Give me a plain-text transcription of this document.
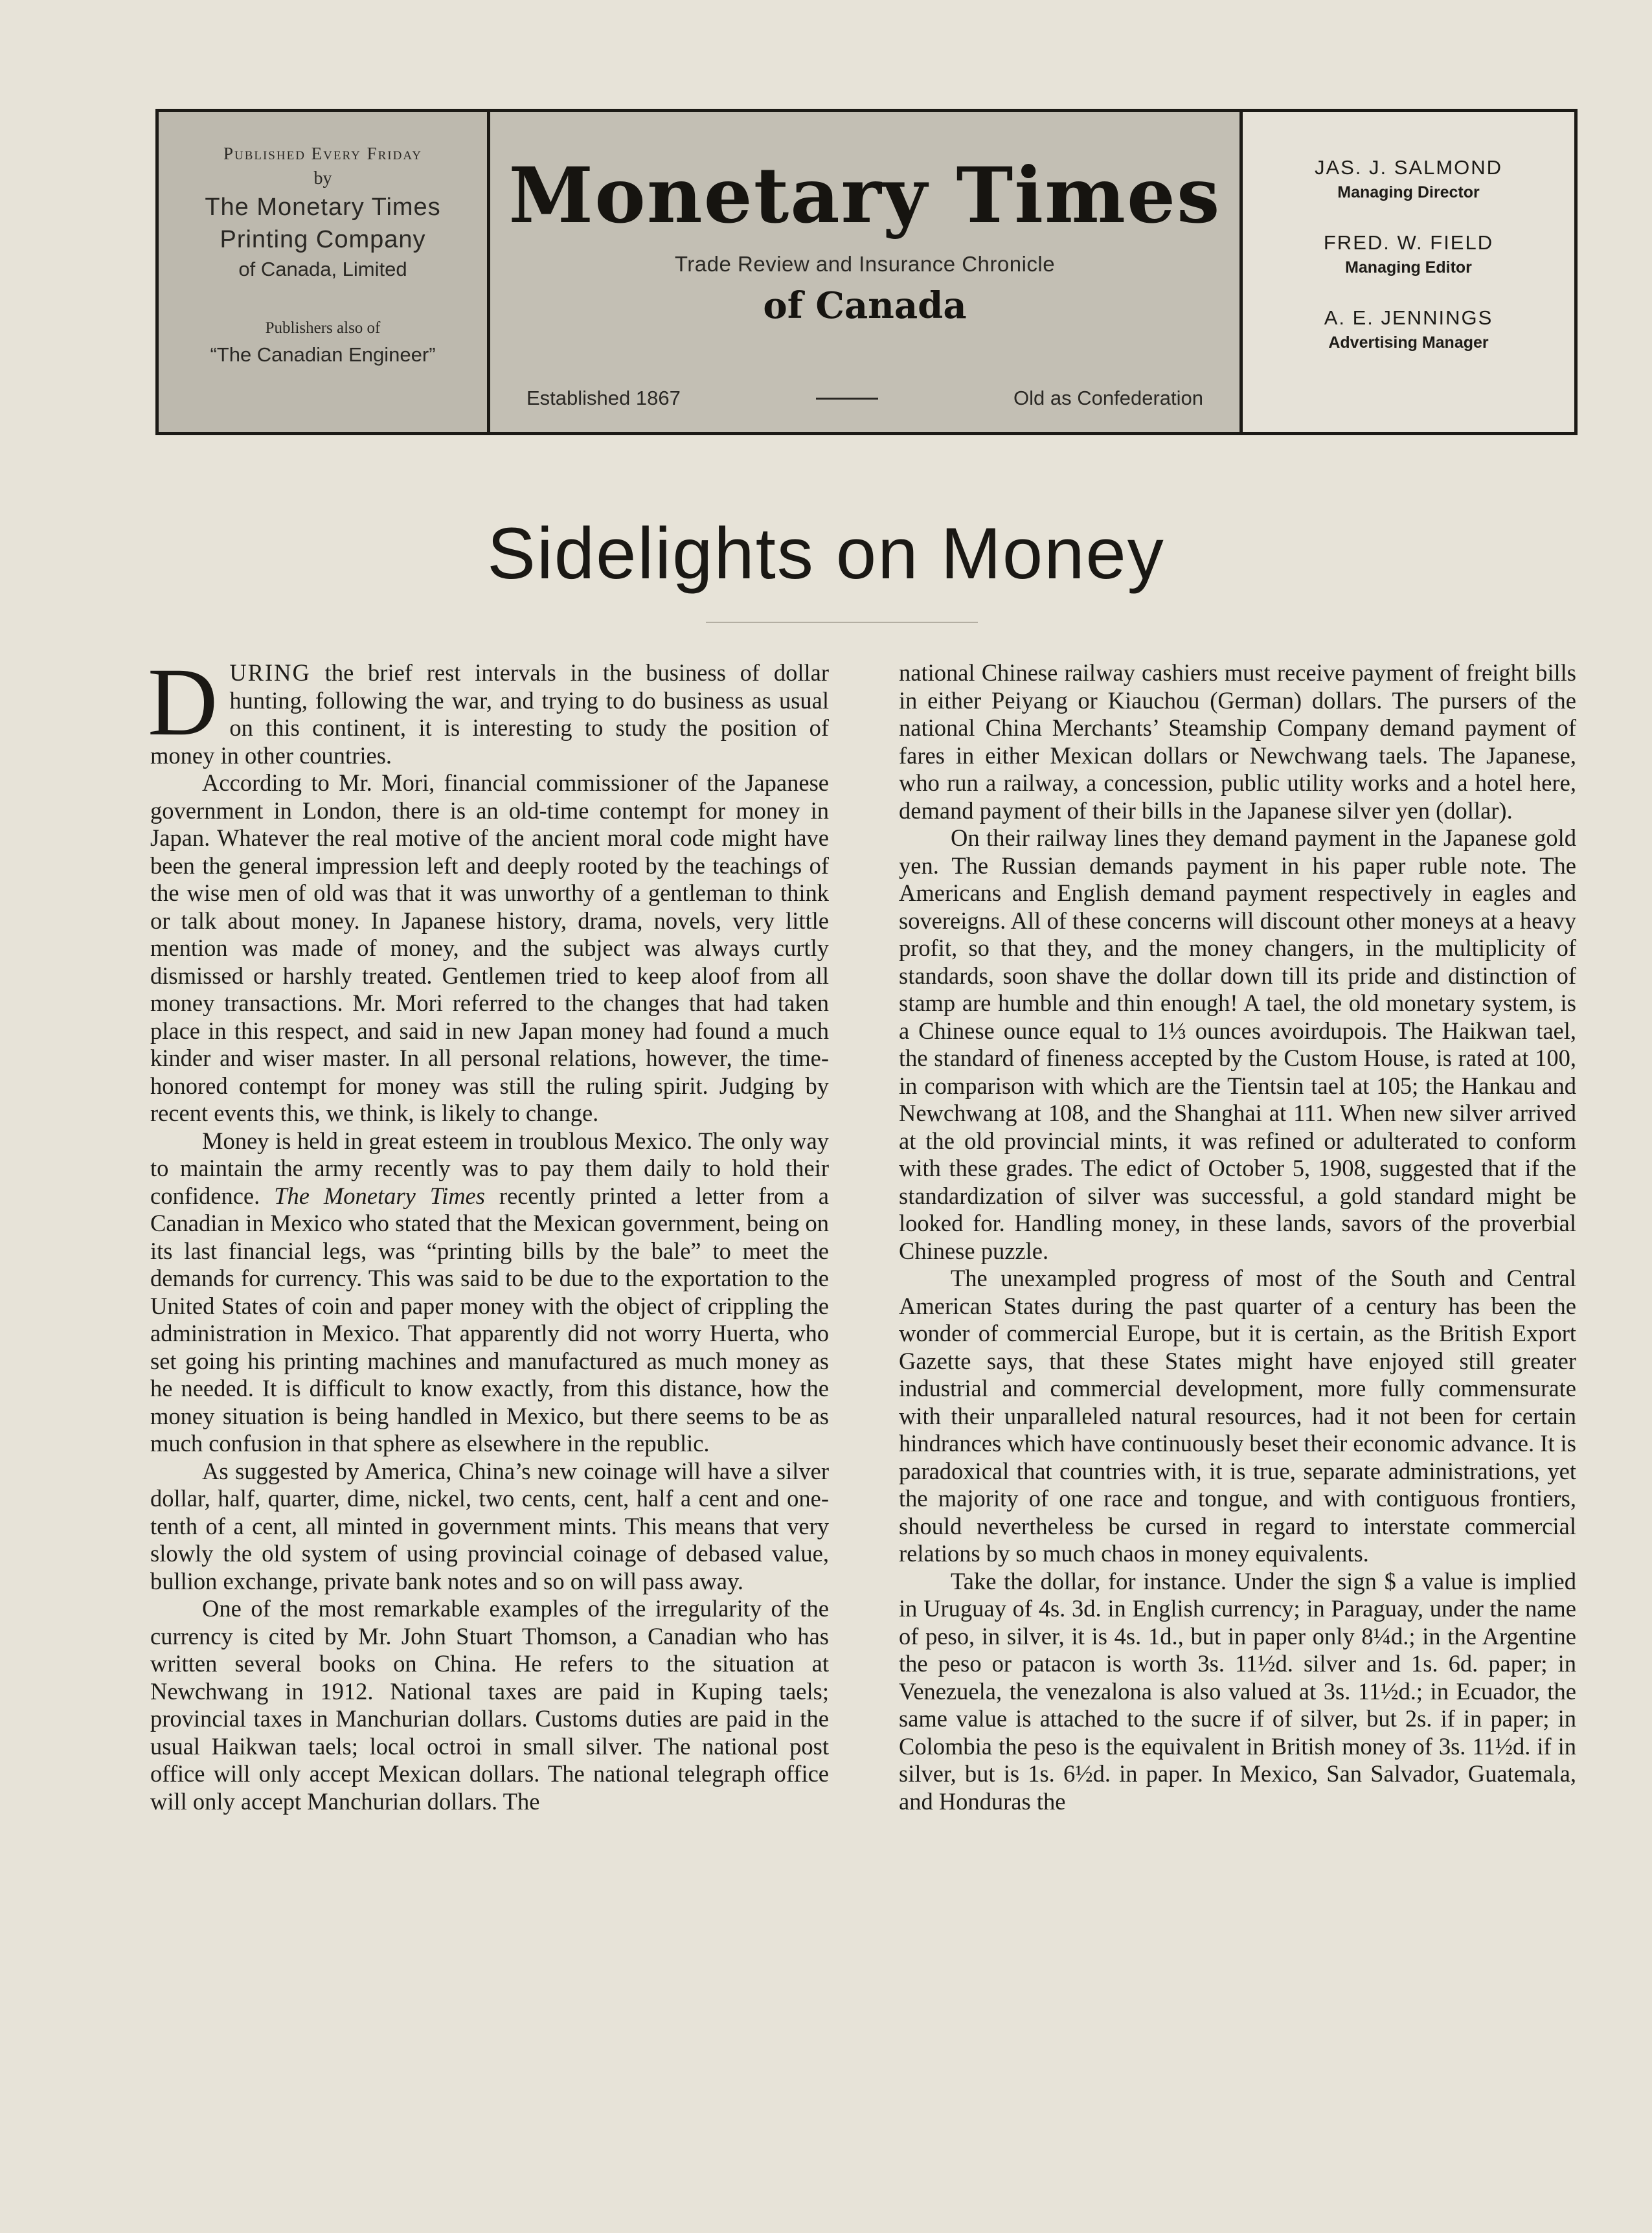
Published Every Friday
by
The Monetary Times
Printing Company
of Canada, Limited
Publishers also of
“The Canadian Engineer”
Monetary Times
Trade Review and Insurance Chronicle
of Canada
Established 1867	Old as Confederation
JAS. J. SALMOND
Managing Director
FRED. W. FIELD
Managing Editor
A. E. JENNINGS
Advertising Manager
Sidelights on Money

DURING the brief rest intervals in the business of dollar hunting, following the war, and trying to do business as usual on this continent, it is interesting to study the position of money in other countries.

According to Mr. Mori, financial commissioner of the Japanese government in London, there is an old-time contempt for money in Japan. Whatever the real motive of the ancient moral code might have been the general impression left and deeply rooted by the teachings of the wise men of old was that it was unworthy of a gentleman to think or talk about money. In Japanese history, drama, novels, very little mention was made of money, and the subject was always curtly dismissed or harshly treated. Gentlemen tried to keep aloof from all money transactions. Mr. Mori referred to the changes that had taken place in this respect, and said in new Japan money had found a much kinder and wiser master. In all personal relations, however, the time-honored contempt for money was still the ruling spirit. Judging by recent events this, we think, is likely to change.

Money is held in great esteem in troublous Mexico. The only way to maintain the army recently was to pay them daily to hold their confidence. The Monetary Times recently printed a letter from a Canadian in Mexico who stated that the Mexican government, being on its last financial legs, was “printing bills by the bale” to meet the demands for currency. This was said to be due to the exportation to the United States of coin and paper money with the object of crippling the administration in Mexico. That apparently did not worry Huerta, who set going his printing machines and manufactured as much money as he needed. It is difficult to know exactly, from this distance, how the money situation is being handled in Mexico, but there seems to be as much confusion in that sphere as elsewhere in the republic.

As suggested by America, China’s new coinage will have a silver dollar, half, quarter, dime, nickel, two cents, cent, half a cent and one-tenth of a cent, all minted in government mints. This means that very slowly the old system of using provincial coinage of debased value, bullion exchange, private bank notes and so on will pass away.

One of the most remarkable examples of the irregularity of the currency is cited by Mr. John Stuart Thomson, a Canadian who has written several books on China. He refers to the situation at Newchwang in 1912. National taxes are paid in Kuping taels; provincial taxes in Manchurian dollars. Customs duties are paid in the usual Haikwan taels; local octroi in small silver. The national post office will only accept Mexican dollars. The national telegraph office will only accept Manchurian dollars. The

national Chinese railway cashiers must receive payment of freight bills in either Peiyang or Kiauchou (German) dollars. The pursers of the national China Merchants’ Steamship Company demand payment of fares in either Mexican dollars or Newchwang taels. The Japanese, who run a railway, a concession, public utility works and a hotel here, demand payment of their bills in the Japanese silver yen (dollar).

On their railway lines they demand payment in the Japanese gold yen. The Russian demands payment in his paper ruble note. The Americans and English demand payment respectively in eagles and sovereigns. All of these concerns will discount other moneys at a heavy profit, so that they, and the money changers, in the multiplicity of standards, soon shave the dollar down till its pride and distinction of stamp are humble and thin enough! A tael, the old monetary system, is a Chinese ounce equal to 1⅓ ounces avoirdupois. The Haikwan tael, the standard of fineness accepted by the Custom House, is rated at 100, in comparison with which are the Tientsin tael at 105; the Hankau and Newchwang at 108, and the Shanghai at 111. When new silver arrived at the old provincial mints, it was refined or adulterated to conform with these grades. The edict of October 5, 1908, suggested that if the standardization of silver was successful, a gold standard might be looked for. Handling money, in these lands, savors of the proverbial Chinese puzzle.

The unexampled progress of most of the South and Central American States during the past quarter of a century has been the wonder of commercial Europe, but it is certain, as the British Export Gazette says, that these States might have enjoyed still greater industrial and commercial development, more fully commensurate with their unparalleled natural resources, had it not been for certain hindrances which have continuously beset their economic advance. It is paradoxical that countries with, it is true, separate administrations, yet the majority of one race and tongue, and with contiguous frontiers, should nevertheless be cursed in regard to interstate commercial relations by so much chaos in money equivalents.

Take the dollar, for instance. Under the sign $ a value is implied in Uruguay of 4s. 3d. in English currency; in Paraguay, under the name of peso, in silver, it is 4s. 1d., but in paper only 8¼d.; in the Argentine the peso or patacon is worth 3s. 11½d. silver and 1s. 6d. paper; in Venezuela, the venezalona is also valued at 3s. 11½d.; in Ecuador, the same value is attached to the sucre if of silver, but 2s. if in paper; in Colombia the peso is the equivalent in British money of 3s. 11½d. if in silver, but is 1s. 6½d. in paper. In Mexico, San Salvador, Guatemala, and Honduras the
